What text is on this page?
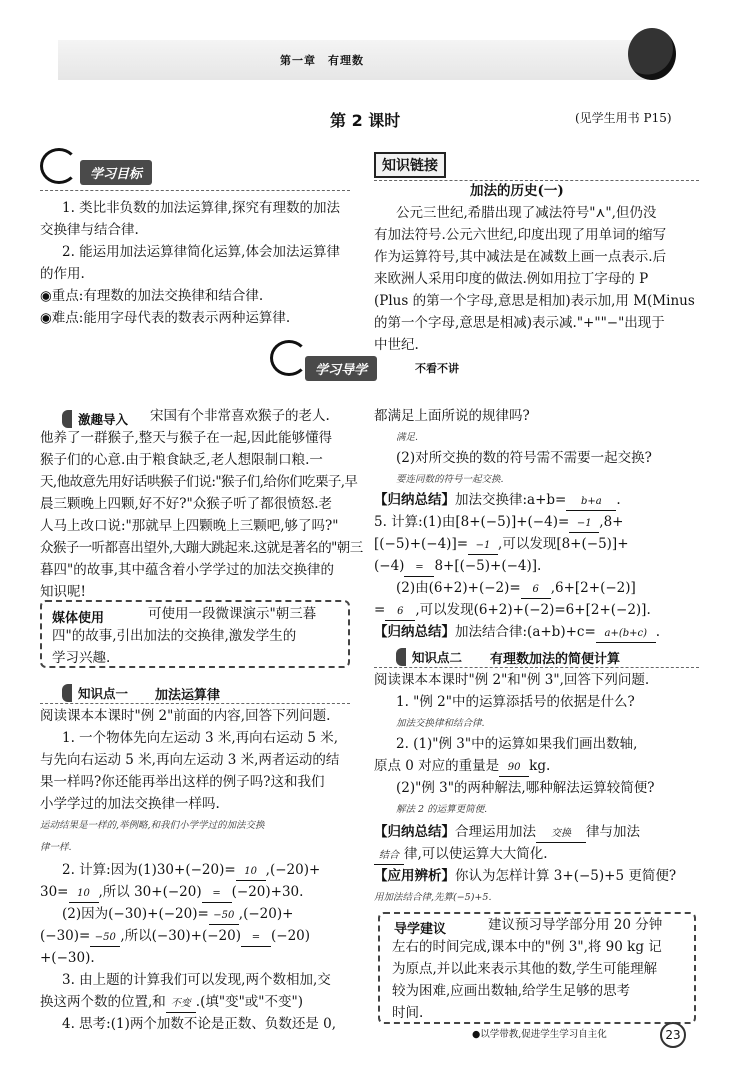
第一章　有理数
第 2 课时	(见学生用书 P15)
学习目标
1. 类比非负数的加法运算律,探究有理数的加法
交换律与结合律.
2. 能运用加法运算律简化运算,体会加法运算律
的作用.
◉重点:有理数的加法交换律和结合律.
◉难点:能用字母代表的数表示两种运算律.
知识链接
加法的历史(一)
公元三世纪,希腊出现了减法符号"⋏",但仍没
有加法符号.公元六世纪,印度出现了用单词的缩写
作为运算符号,其中减法是在减数上画一点表示.后
来欧洲人采用印度的做法.例如用拉丁字母的 P
(Plus 的第一个字母,意思是相加)表示加,用 M(Minus
的第一个字母,意思是相减)表示减."+""−"出现于
中世纪.
学习导学	不看不讲
激趣导入	宋国有个非常喜欢猴子的老人.
他养了一群猴子,整天与猴子在一起,因此能够懂得
猴子们的心意.由于粮食缺乏,老人想限制口粮.一
天,他故意先用好话哄猴子们说:"猴子们,给你们吃栗子,早
晨三颗晚上四颗,好不好?"众猴子听了都很愤怒.老
人马上改口说:"那就早上四颗晚上三颗吧,够了吗?"
众猴子一听都喜出望外,大蹦大跳起来.这就是著名的"朝三
暮四"的故事,其中蕴含着小学学过的加法交换律的
知识呢!
媒体使用	可使用一段微课演示"朝三暮
四"的故事,引出加法的交换律,激发学生的
学习兴趣.
知识点一	加法运算律
阅读课本本课时"例 2"前面的内容,回答下列问题.
1. 一个物体先向左运动 3 米,再向右运动 5 米,
与先向右运动 5 米,再向左运动 3 米,两者运动的结
果一样吗?你还能再举出这样的例子吗?这和我们
小学学过的加法交换律一样吗.
运动结果是一样的,举例略,和我们小学学过的加法交换
律一样.
2. 计算:因为(1)30+(−20)= 10 ,(−20)+
30= 10 ,所以 30+(−20) = (−20)+30.
(2)因为(−30)+(−20)= −50 ,(−20)+
(−30)= −50 ,所以(−30)+(−20) = (−20)
+(−30).
3. 由上题的计算我们可以发现,两个数相加,交
换这两个数的位置,和 不变 .(填"变"或"不变")
4. 思考:(1)两个加数不论是正数、负数还是 0,
都满足上面所说的规律吗?
满足.
(2)对所交换的数的符号需不需要一起交换?
要连同数的符号一起交换.
【归纳总结】加法交换律:a+b= b+a .
5. 计算:(1)由[8+(−5)]+(−4)= −1 ,8+
[(−5)+(−4)]= −1 ,可以发现[8+(−5)]+
(−4) = 8+[(−5)+(−4)].
(2)由(6+2)+(−2)= 6 ,6+[2+(−2)]
= 6 ,可以发现(6+2)+(−2)=6+[2+(−2)].
【归纳总结】加法结合律:(a+b)+c= a+(b+c) .
知识点二	有理数加法的简便计算
阅读课本本课时"例 2"和"例 3",回答下列问题.
1. "例 2"中的运算添括号的依据是什么?
加法交换律和结合律.
2. (1)"例 3"中的运算如果我们画出数轴,
原点 0 对应的重量是 90 kg.
(2)"例 3"的两种解法,哪种解法运算较简便?
解法 2 的运算更简便.
【归纳总结】合理运用加法 交换 律与加法
结合 律,可以使运算大大简化.
【应用辨析】你认为怎样计算 3+(−5)+5 更简便?
用加法结合律,先算(−5)+5.
导学建议	建议预习导学部分用 20 分钟
左右的时间完成,课本中的"例 3",将 90 kg 记
为原点,并以此来表示其他的数,学生可能理解
较为困难,应画出数轴,给学生足够的思考
时间.
●以学带教,促进学生学习自主化	23
